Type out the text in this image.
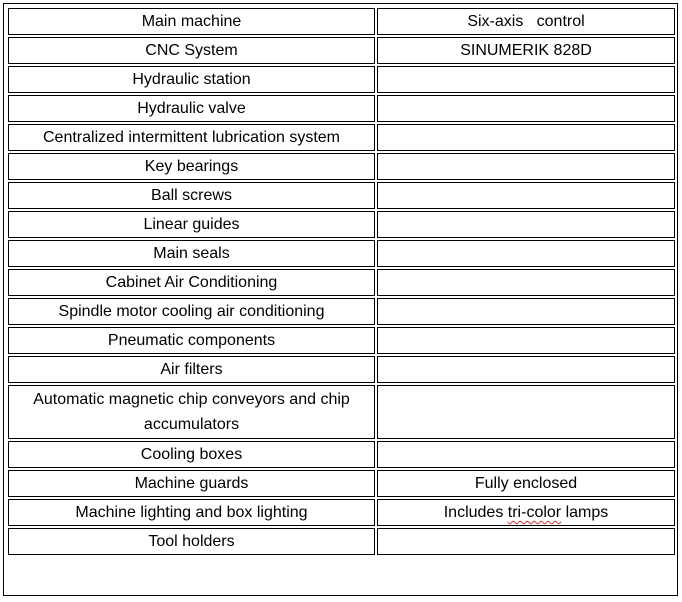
Main machine	Six-axis   control
CNC System	SINUMERIK 828D
Hydraulic station	
Hydraulic valve	
Centralized intermittent lubrication system	
Key bearings	
Ball screws	
Linear guides	
Main seals	
Cabinet Air Conditioning	
Spindle motor cooling air conditioning	
Pneumatic components	
Air filters	
Automatic magnetic chip conveyors and chip accumulators	
Cooling boxes	
Machine guards	Fully enclosed
Machine lighting and box lighting	Includes tri-color lamps
Tool holders	
